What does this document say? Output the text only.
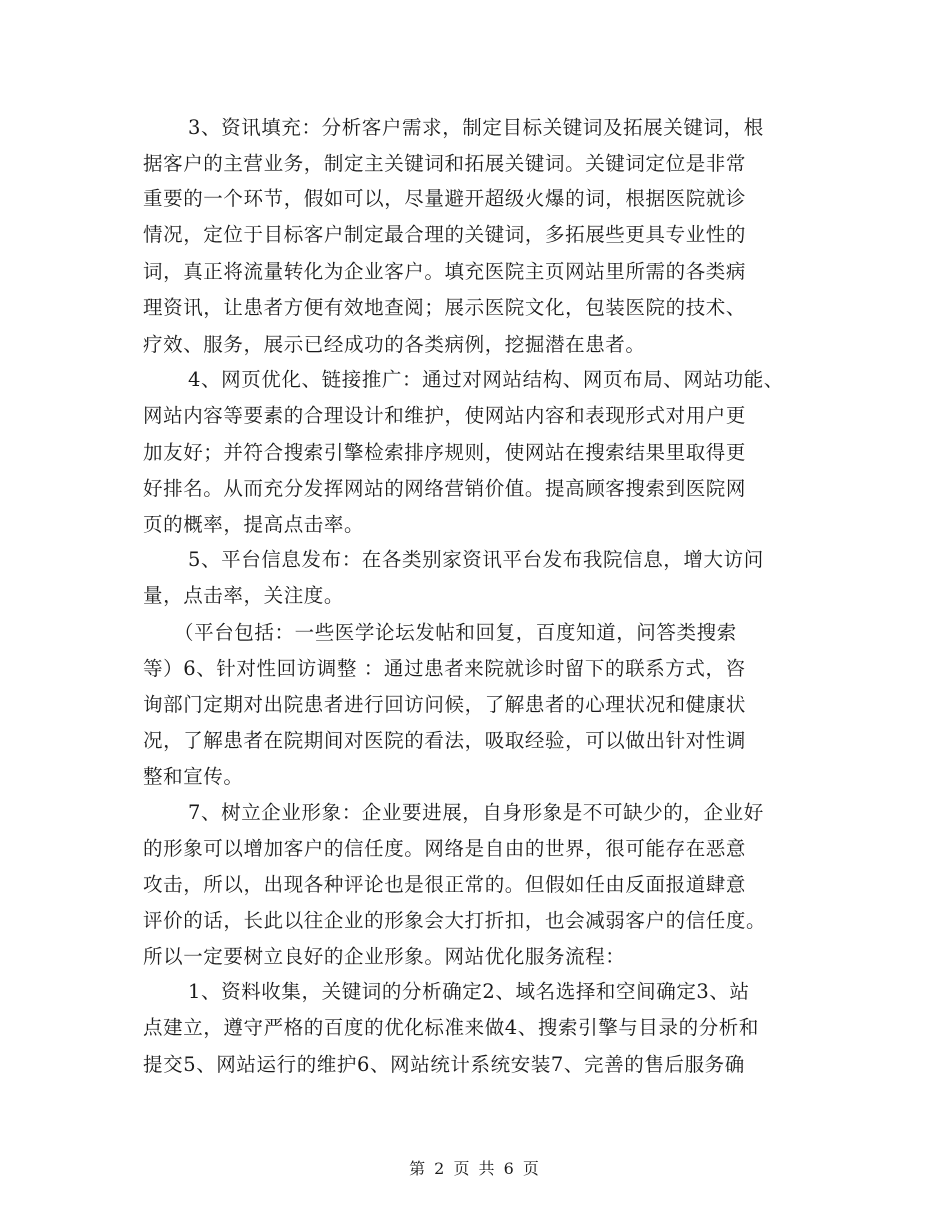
3、资讯填充：分析客户需求，制定目标关键词及拓展关键词，根
据客户的主营业务，制定主关键词和拓展关键词。关键词定位是非常
重要的一个环节，假如可以，尽量避开超级火爆的词，根据医院就诊
情况，定位于目标客户制定最合理的关键词，多拓展些更具专业性的
词，真正将流量转化为企业客户。填充医院主页网站里所需的各类病
理资讯，让患者方便有效地查阅；展示医院文化，包装医院的技术、
疗效、服务，展示已经成功的各类病例，挖掘潜在患者。
4、网页优化、链接推广：通过对网站结构、网页布局、网站功能、
网站内容等要素的合理设计和维护，使网站内容和表现形式对用户更
加友好；并符合搜索引擎检索排序规则，使网站在搜索结果里取得更
好排名。从而充分发挥网站的网络营销价值。提高顾客搜索到医院网
页的概率，提高点击率。
5、平台信息发布：在各类别家资讯平台发布我院信息，增大访问
量，点击率，关注度。
（平台包括：一些医学论坛发帖和回复，百度知道，问答类搜索
等）6、针对性回访调整 ：通过患者来院就诊时留下的联系方式，咨
询部门定期对出院患者进行回访问候，了解患者的心理状况和健康状
况，了解患者在院期间对医院的看法，吸取经验，可以做出针对性调
整和宣传。
7、树立企业形象：企业要进展，自身形象是不可缺少的，企业好
的形象可以增加客户的信任度。网络是自由的世界，很可能存在恶意
攻击，所以，出现各种评论也是很正常的。但假如任由反面报道肆意
评价的话，长此以往企业的形象会大打折扣，也会减弱客户的信任度。
所以一定要树立良好的企业形象。网站优化服务流程：
1、资料收集，关键词的分析确定2、域名选择和空间确定3、站
点建立，遵守严格的百度的优化标准来做4、搜索引擎与目录的分析和
提交5、网站运行的维护6、网站统计系统安装7、完善的售后服务确
第 2 页 共 6 页
